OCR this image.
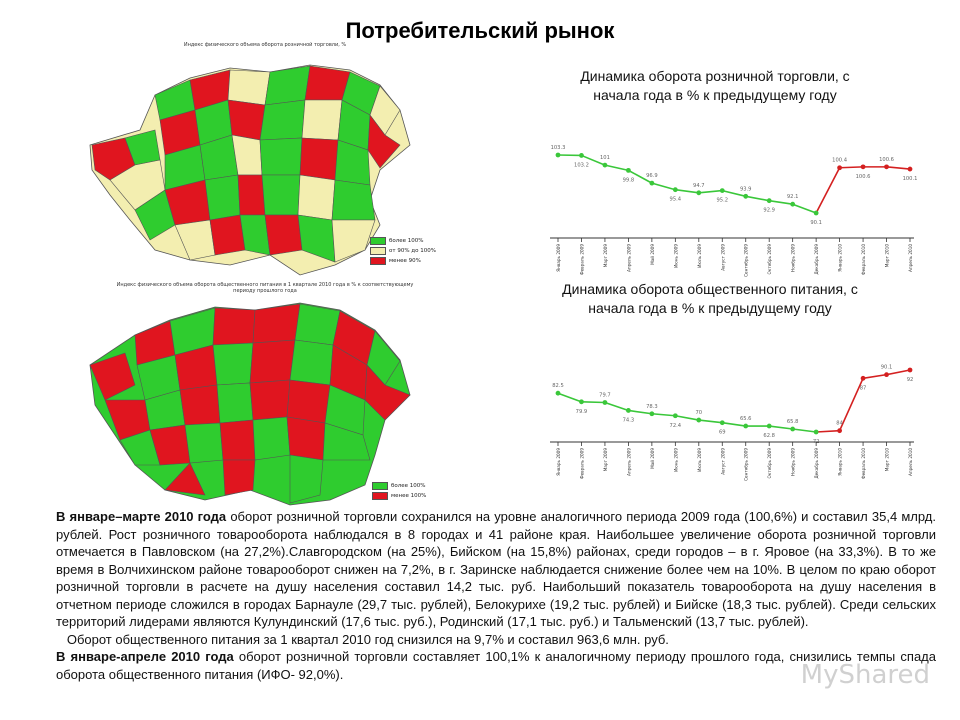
Потребительский рынок
Индекс физического объема оборота розничной торговли, %
более 100%
от 90% до 100%
менее 90%
Индекс физического объема оборота общественного питания в 1 квартале 2010 года в % к соответствующему периоду прошлого года
более 100%
менее 100%
Динамика оборота розничной торговли, с начала года в % к предыдущему году
Январь 2009	Февраль 2009	Март 2009	Апрель 2009	Май 2009	Июнь 2009	Июль 2009	Август 2009	Сентябрь 2009	Октябрь 2009	Ноябрь 2009	Декабрь 2009	Январь 2010	Февраль 2010	Март 2010	Апрель 2010
103.3
103.2
101
99.8
96.9
95.4
94.7
95.2
93.9
92.9
92.1
90.1
100.4
100.6
100.6
100.1
Динамика оборота общественного питания, с начала года в % к предыдущему году
Январь 2009	Февраль 2009	Март 2009	Апрель 2009	Май 2009	Июнь 2009	Июль 2009	Август 2009	Сентябрь 2009	Октябрь 2009	Ноябрь 2009	Декабрь 2009	Январь 2010	Февраль 2010	Март 2010	Апрель 2010
82.5
79.9
79.7
74.3
78.3
72.4
70
69
65.6
62.8
65.8
72
84
87
90.1
92

В январе–марте 2010 года оборот розничной торговли сохранился на уровне аналогичного периода 2009 года (100,6%) и составил 35,4 млрд. рублей. Рост розничного товарооборота наблюдался в 8 городах и 41 районе края. Наибольшее увеличение оборота розничной торговли отмечается в Павловском (на 27,2%).Славгородском (на 25%), Бийском (на 15,8%) районах, среди городов – в г. Яровое (на 33,3%). В то же время в Волчихинском районе товарооборот снижен на 7,2%, в г. Заринске наблюдается снижение более чем на 10%. В целом по краю оборот розничной торговли в расчете на душу населения составил 14,2 тыс. руб. Наибольший показатель товарооборота на душу населения в отчетном периоде сложился в городах Барнауле (29,7 тыс. рублей), Белокурихе (19,2 тыс. рублей) и Бийске (18,3 тыс. рублей). Среди сельских территорий лидерами являются Кулундинский (17,6 тыс. руб.), Родинский (17,1 тыс. руб.) и Тальменский (13,7 тыс. рублей).

Оборот общественного питания за 1 квартал 2010 год снизился на 9,7% и составил 963,6 млн. руб.

В январе-апреле 2010 года оборот розничной торговли составляет 100,1% к аналогичному периоду прошлого года, снизились темпы спада оборота общественного питания (ИФО- 92,0%).	MyShared
